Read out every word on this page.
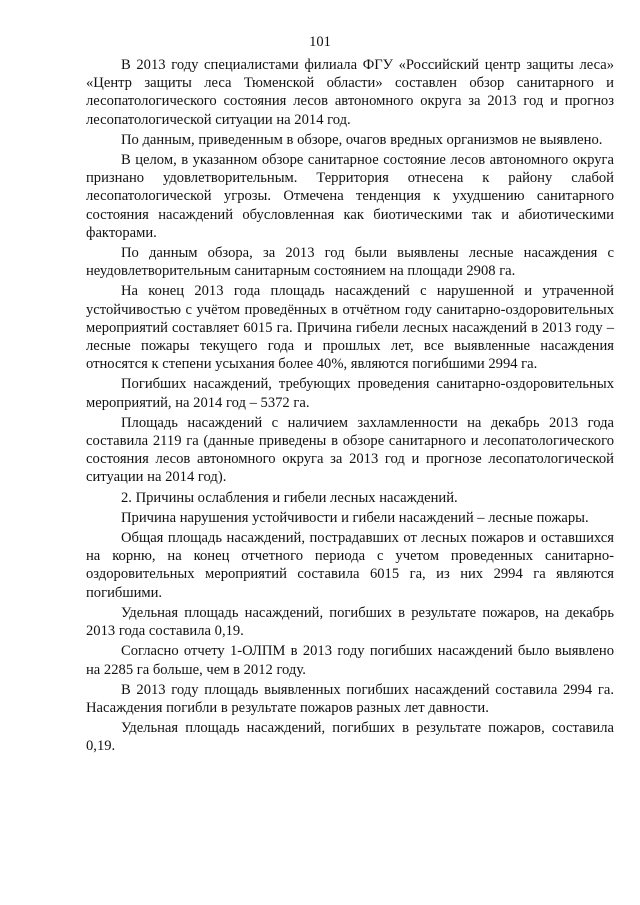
101

В 2013 году специалистами филиала ФГУ «Российский центр защиты леса» «Центр защиты леса Тюменской области» составлен обзор санитарного и лесопатологического состояния лесов автономного округа за 2013 год и прогноз лесопатологической ситуации на 2014 год.

По данным, приведенным в обзоре, очагов вредных организмов не выявлено.

В целом, в указанном обзоре санитарное состояние лесов автономного округа признано удовлетворительным. Территория отнесена к району слабой лесопатологической угрозы. Отмечена тенденция к ухудшению санитарного состояния насаждений обусловленная как биотическими так и абиотическими факторами.

По данным обзора, за 2013 год были выявлены лесные насаждения с неудовлетворительным санитарным состоянием на площади 2908 га.

На конец 2013 года площадь насаждений с нарушенной и утраченной устойчивостью с учётом проведённых в отчётном году санитарно-оздоровительных мероприятий составляет 6015 га. Причина гибели лесных насаждений в 2013 году – лесные пожары текущего года и прошлых лет, все выявленные насаждения относятся к степени усыхания более 40%, являются погибшими 2994 га.

Погибших насаждений, требующих проведения санитарно-оздоровительных мероприятий, на 2014 год – 5372 га.

Площадь насаждений с наличием захламленности на декабрь 2013 года составила 2119 га (данные приведены в обзоре санитарного и лесопатологического состояния лесов автономного округа за 2013 год и прогнозе лесопатологической ситуации на 2014 год).

2. Причины ослабления и гибели лесных насаждений.

Причина нарушения устойчивости и гибели насаждений – лесные пожары.

Общая площадь насаждений, пострадавших от лесных пожаров и оставшихся на корню, на конец отчетного периода с учетом проведенных санитарно-оздоровительных мероприятий составила 6015 га, из них 2994 га являются погибшими.

Удельная площадь насаждений, погибших в результате пожаров, на декабрь 2013 года составила 0,19.

Согласно отчету 1-ОЛПМ в 2013 году погибших насаждений было выявлено на 2285 га больше, чем в 2012 году.

В 2013 году площадь выявленных погибших насаждений составила 2994 га. Насаждения погибли в результате пожаров разных лет давности.

Удельная площадь насаждений, погибших в результате пожаров, составила 0,19.
